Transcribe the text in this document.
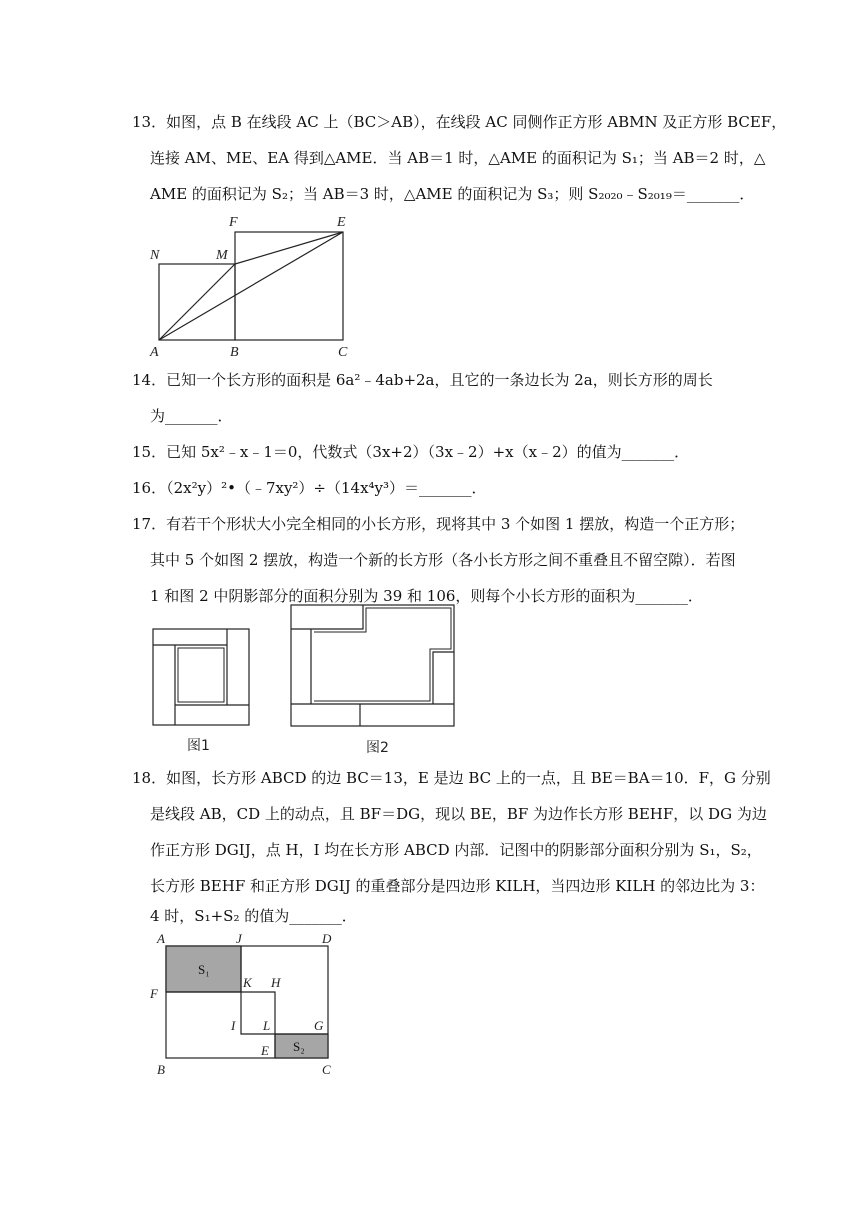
13．如图，点 B 在线段 AC 上（BC＞AB），在线段 AC 同侧作正方形 ABMN 及正方形 BCEF，
连接 AM、ME、EA 得到△AME．当 AB＝1 时，△AME 的面积记为 S₁；当 AB＝2 时，△
AME 的面积记为 S₂；当 AB＝3 时，△AME 的面积记为 S₃；则 S₂₀₂₀﹣S₂₀₁₉＝_______．
N	M
F	E
A	B	C
14．已知一个长方形的面积是 6a²﹣4ab+2a，且它的一条边长为 2a，则长方形的周长
为_______．
15．已知 5x²﹣x﹣1＝0，代数式（3x+2）（3x﹣2）+x（x﹣2）的值为_______．
16．（2x²y）²•（﹣7xy²）÷（14x⁴y³）＝_______．
17．有若干个形状大小完全相同的小长方形，现将其中 3 个如图 1 摆放，构造一个正方形；
其中 5 个如图 2 摆放，构造一个新的长方形（各小长方形之间不重叠且不留空隙）．若图
1 和图 2 中阴影部分的面积分别为 39 和 106，则每个小长方形的面积为_______．
图1	图2
18．如图，长方形 ABCD 的边 BC＝13，E 是边 BC 上的一点，且 BE＝BA＝10．F，G 分别
是线段 AB，CD 上的动点，且 BF＝DG，现以 BE，BF 为边作长方形 BEHF，以 DG 为边
作正方形 DGIJ，点 H，I 均在长方形 ABCD 内部．记图中的阴影部分面积分别为 S₁，S₂，
长方形 BEHF 和正方形 DGIJ 的重叠部分是四边形 KILH，当四边形 KILH 的邻边比为 3：
4 时，S₁+S₂ 的值为_______．
A	J	D
F
K H
I L	G
E
B	C
S₁
S₂
